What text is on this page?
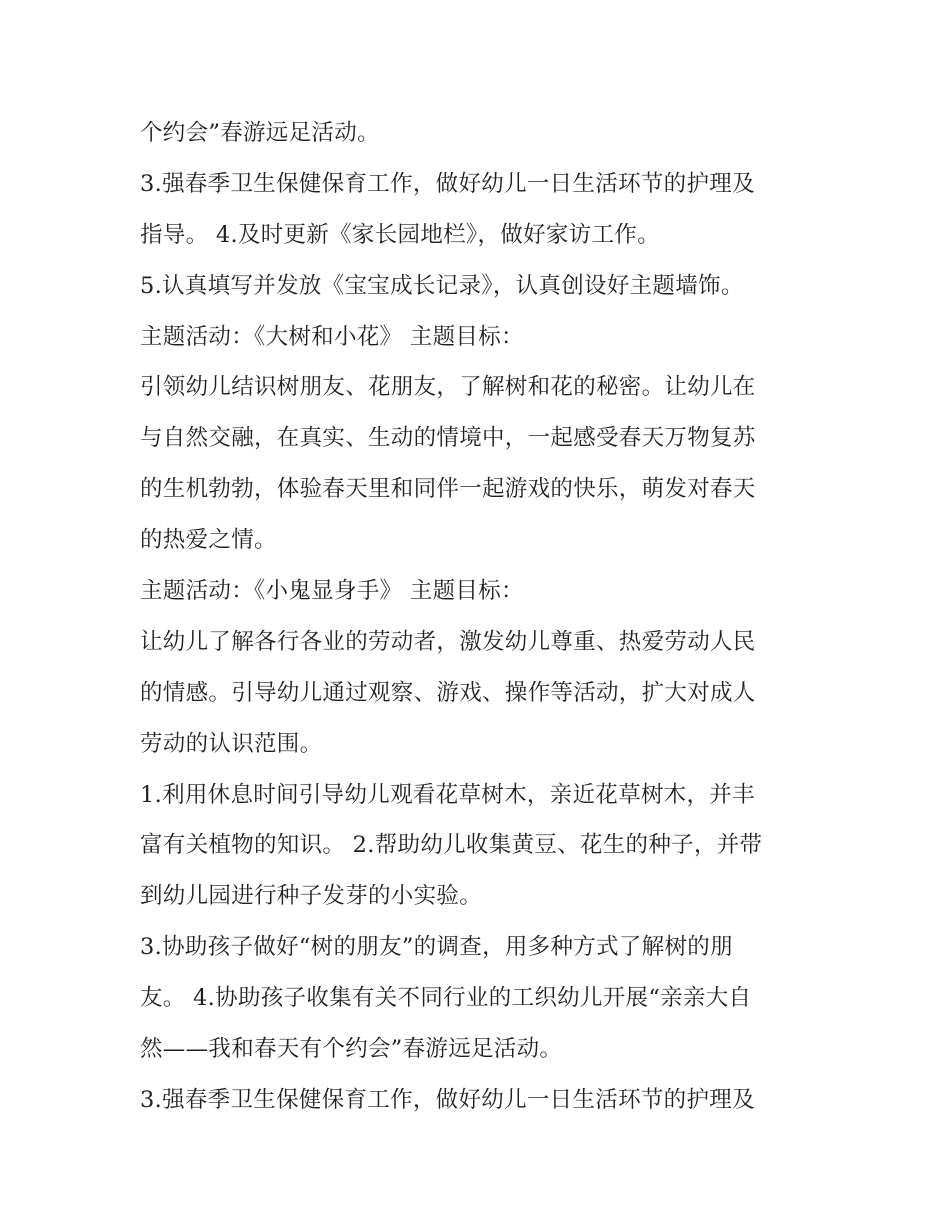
个约会”春游远足活动。
3.强春季卫生保健保育工作，做好幼儿一日生活环节的护理及
指导。 4.及时更新《家长园地栏》，做好家访工作。
5.认真填写并发放《宝宝成长记录》，认真创设好主题墙饰。
主题活动：《大树和小花》 主题目标：
引领幼儿结识树朋友、花朋友，了解树和花的秘密。让幼儿在
与自然交融，在真实、生动的情境中，一起感受春天万物复苏
的生机勃勃，体验春天里和同伴一起游戏的快乐，萌发对春天
的热爱之情。
主题活动：《小鬼显身手》 主题目标：
让幼儿了解各行各业的劳动者，激发幼儿尊重、热爱劳动人民
的情感。引导幼儿通过观察、游戏、操作等活动，扩大对成人
劳动的认识范围。
1.利用休息时间引导幼儿观看花草树木，亲近花草树木，并丰
富有关植物的知识。 2.帮助幼儿收集黄豆、花生的种子，并带
到幼儿园进行种子发芽的小实验。
3.协助孩子做好“树的朋友”的调查，用多种方式了解树的朋
友。 4.协助孩子收集有关不同行业的工织幼儿开展“亲亲大自
然——我和春天有个约会”春游远足活动。
3.强春季卫生保健保育工作，做好幼儿一日生活环节的护理及
